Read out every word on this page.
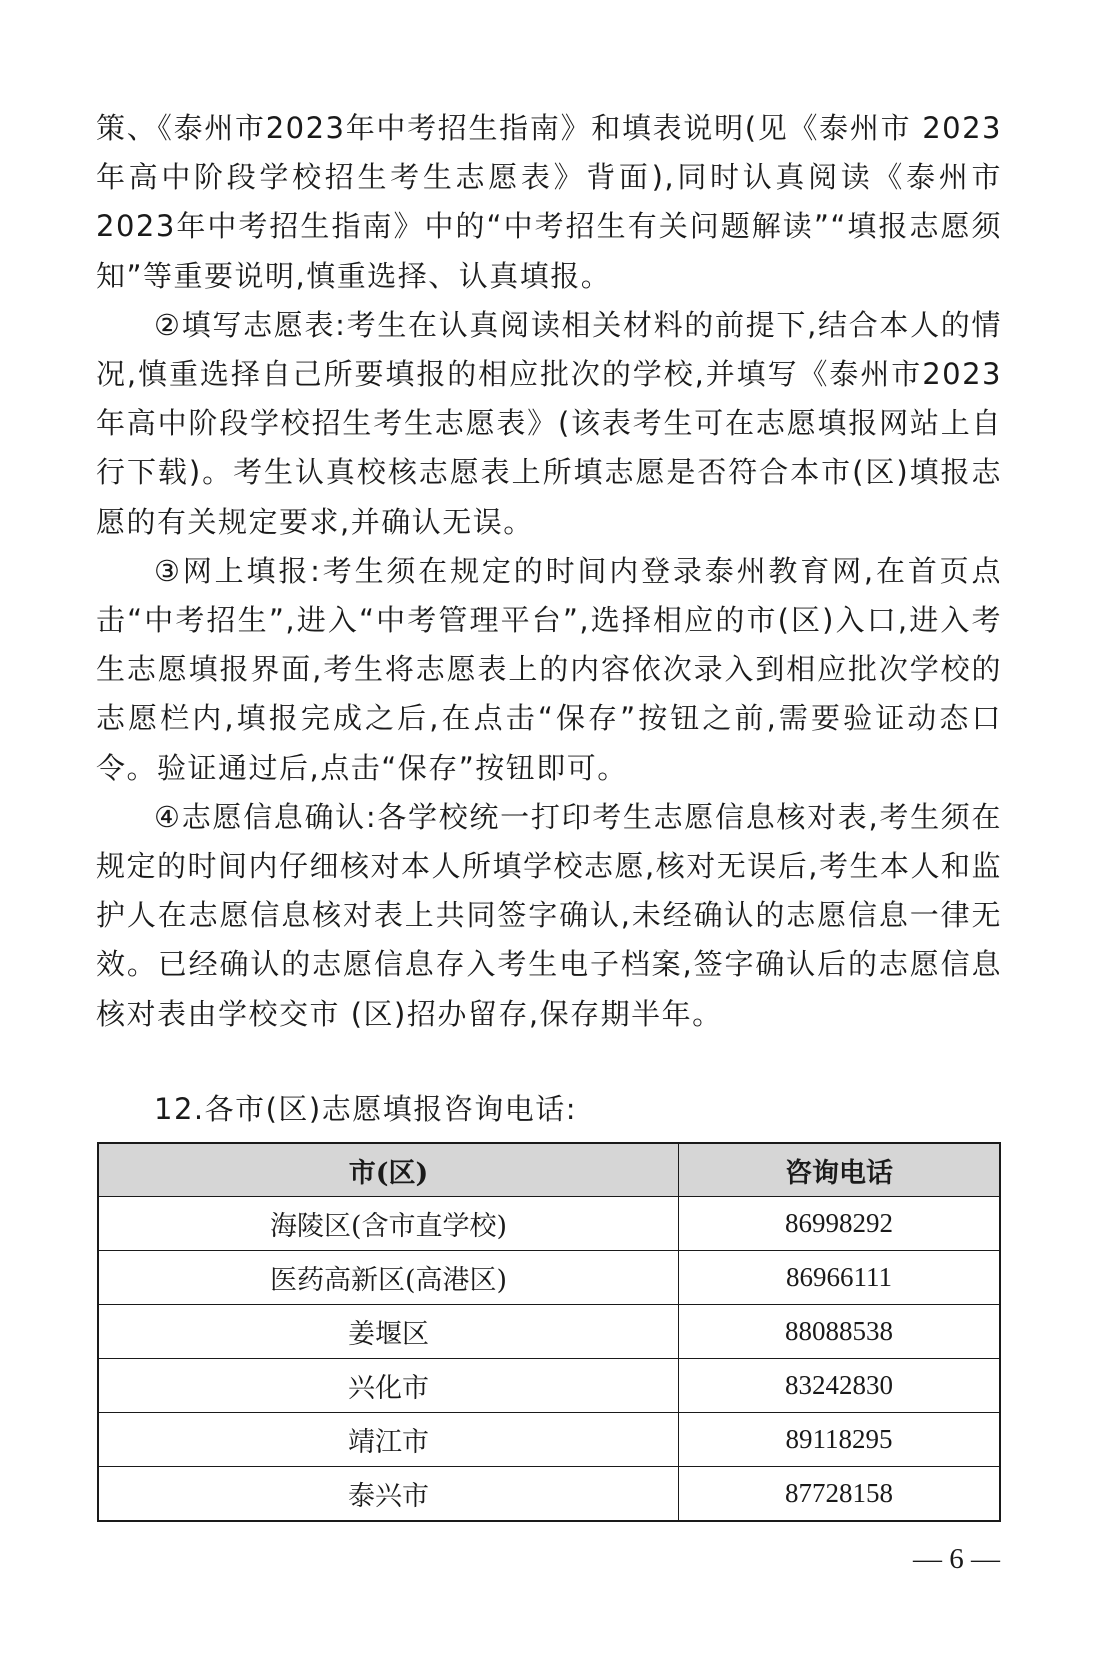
策、《泰州市2023年中考招生指南》和填表说明(见《泰州市 2023年高中阶段学校招生考生志愿表》背面),同时认真阅读《泰州市 2023年中考招生指南》中的“中考招生有关问题解读”“填报志愿须知”等重要说明,慎重选择、认真填报。

②填写志愿表:考生在认真阅读相关材料的前提下,结合本人的情况,慎重选择自己所要填报的相应批次的学校,并填写《泰州市2023年高中阶段学校招生考生志愿表》(该表考生可在志愿填报网站上自行下载)。考生认真校核志愿表上所填志愿是否符合本市(区)填报志愿的有关规定要求,并确认无误。

③网上填报:考生须在规定的时间内登录泰州教育网,在首页点击“中考招生”,进入“中考管理平台”,选择相应的市(区)入口,进入考生志愿填报界面,考生将志愿表上的内容依次录入到相应批次学校的志愿栏内,填报完成之后,在点击“保存”按钮之前,需要验证动态口令。验证通过后,点击“保存”按钮即可。

④志愿信息确认:各学校统一打印考生志愿信息核对表,考生须在规定的时间内仔细核对本人所填学校志愿,核对无误后,考生本人和监护人在志愿信息核对表上共同签字确认,未经确认的志愿信息一律无效。已经确认的志愿信息存入考生电子档案,签字确认后的志愿信息核对表由学校交市 (区)招办留存,保存期半年。

12.各市(区)志愿填报咨询电话:

市(区)	咨询电话
海陵区(含市直学校)	86998292
医药高新区(高港区)	86966111
姜堰区	88088538
兴化市	83242830
靖江市	89118295
泰兴市	87728158
— 6 —
